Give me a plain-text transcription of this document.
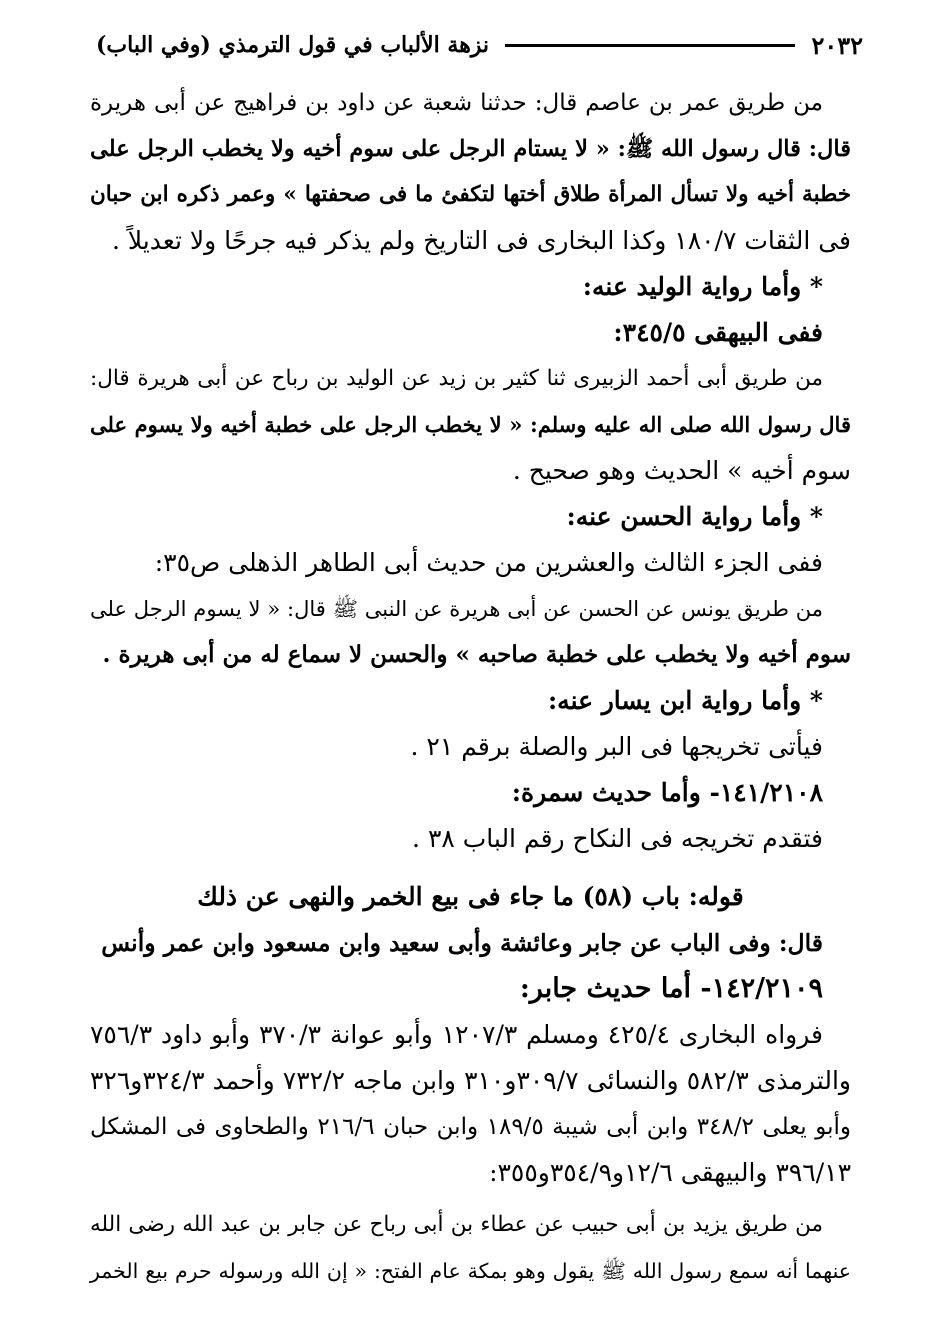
٢٠٣٢
نزهة الألباب في قول الترمذي (وفي الباب)
من طريق عمر بن عاصم قال: حدثنا شعبة عن داود بن فراهيج عن أبى هريرة
قال: قال رسول الله ﷺ: « لا يستام الرجل على سوم أخيه ولا يخطب الرجل على
خطبة أخيه ولا تسأل المرأة طلاق أختها لتكفئ ما فى صحفتها » وعمر ذكره ابن حبان
فى الثقات ١٨٠/٧ وكذا البخارى فى التاريخ ولم يذكر فيه جرحًا ولا تعديلاً .
* وأما رواية الوليد عنه:
ففى البيهقى ٣٤٥/٥:
من طريق أبى أحمد الزبيرى ثنا كثير بن زيد عن الوليد بن رباح عن أبى هريرة قال:
قال رسول الله صلى اله عليه وسلم: « لا يخطب الرجل على خطبة أخيه ولا يسوم على
سوم أخيه » الحديث وهو صحيح .
* وأما رواية الحسن عنه:
ففى الجزء الثالث والعشرين من حديث أبى الطاهر الذهلى ص٣٥:
من طريق يونس عن الحسن عن أبى هريرة عن النبى ﷺ قال: « لا يسوم الرجل على
سوم أخيه ولا يخطب على خطبة صاحبه » والحسن لا سماع له من أبى هريرة .
* وأما رواية ابن يسار عنه:
فيأتى تخريجها فى البر والصلة برقم ٢١ .
١٤١/٢١٠٨- وأما حديث سمرة:
فتقدم تخريجه فى النكاح رقم الباب ٣٨ .
قوله: باب (٥٨) ما جاء فى بيع الخمر والنهى عن ذلك
قال: وفى الباب عن جابر وعائشة وأبى سعيد وابن مسعود وابن عمر وأنس
١٤٢/٢١٠٩- أما حديث جابر:
فرواه البخارى ٤٢٥/٤ ومسلم ١٢٠٧/٣ وأبو عوانة ٣٧٠/٣ وأبو داود ٧٥٦/٣
والترمذى ٥٨٢/٣ والنسائى ٣٠٩/٧و٣١٠ وابن ماجه ٧٣٢/٢ وأحمد ٣٢٤/٣و٣٢٦
وأبو يعلى ٣٤٨/٢ وابن أبى شيبة ١٨٩/٥ وابن حبان ٢١٦/٦ والطحاوى فى المشكل
٣٩٦/١٣ والبيهقى ١٢/٦و٣٥٤/٩و٣٥٥:
من طريق يزيد بن أبى حبيب عن عطاء بن أبى رباح عن جابر بن عبد الله رضى الله
عنهما أنه سمع رسول الله ﷺ يقول وهو بمكة عام الفتح: « إن الله ورسوله حرم بيع الخمر
